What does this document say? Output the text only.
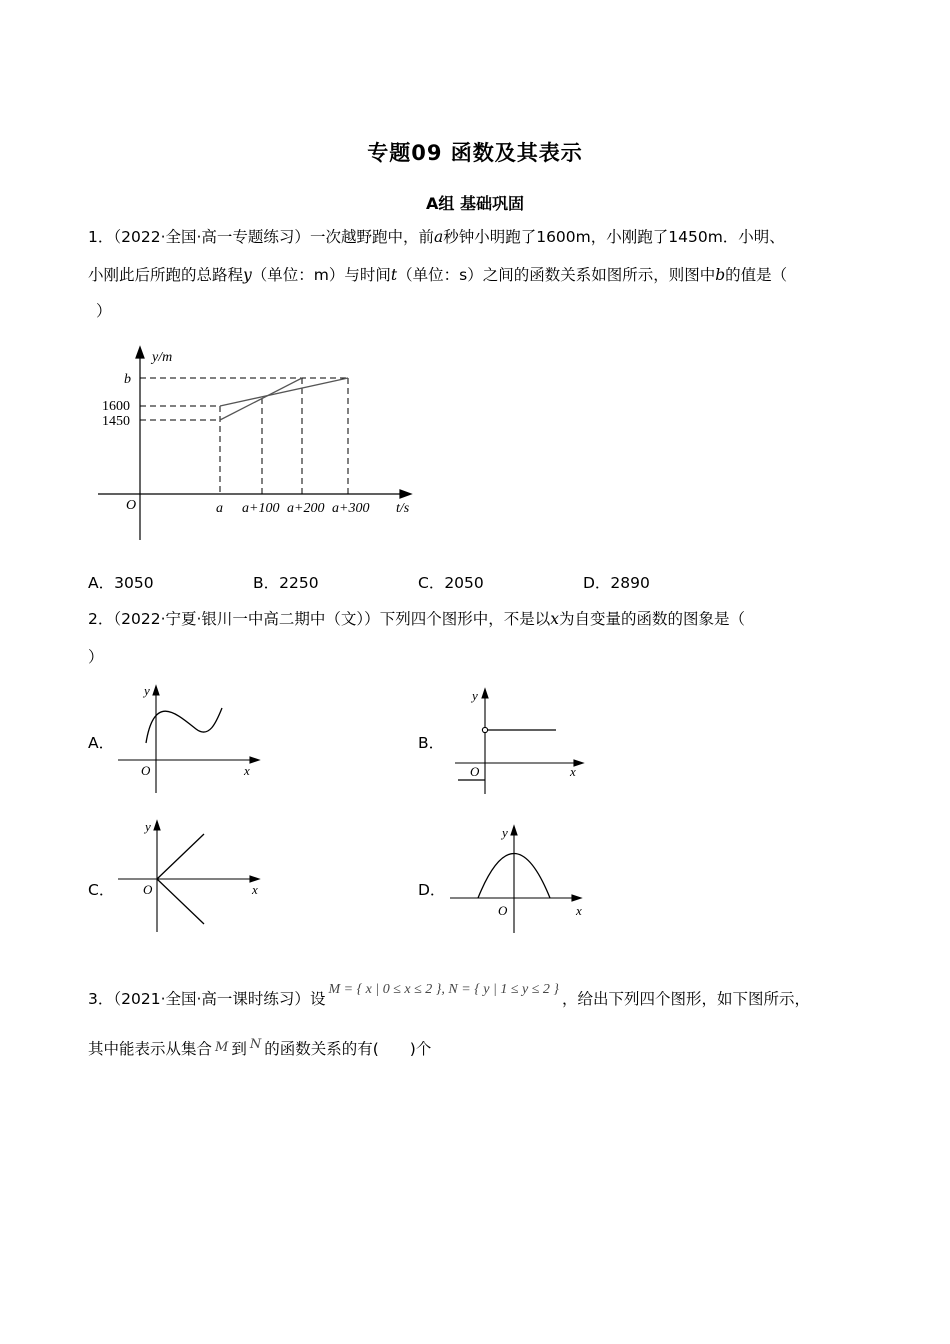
专题09 函数及其表示
A组 基础巩固
1．（2022·全国·高一专题练习）一次越野跑中，前a秒钟小明跑了1600m，小刚跑了1450m．小明、
小刚此后所跑的总路程y（单位：m）与时间t（单位：s）之间的函数关系如图所示，则图中b的值是（
）
y/m
b
1600
1450
O	a a+100 a+200 a+300 t/s
A．3050	B．2250	C．2050	D．2890
2．（2022·宁夏·银川一中高二期中（文））下列四个图形中，不是以x为自变量的函数的图象是（
）
A．
O	x
y
B．
O	x
y
C． O	x
y
D．
O	x
y
3．（2021·全国·高一课时练习）设M = { x | 0 ≤ x ≤ 2 }, N = { y | 1 ≤ y ≤ 2 }，给出下列四个图形，如下图所示，
其中能表示从集合 M 到 $^N$ 的函数关系的有(　　)个
